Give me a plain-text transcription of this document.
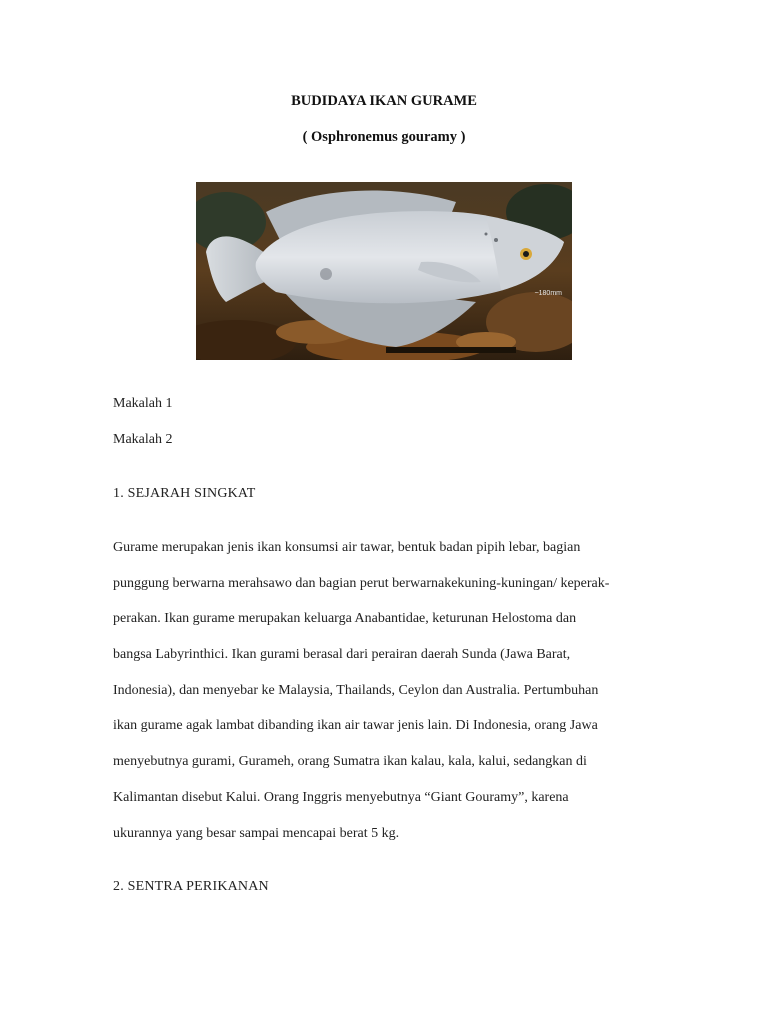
BUDIDAYA IKAN GURAME
( Osphronemus gouramy )
~180mm
Makalah 1
Makalah 2
1. SEJARAH SINGKAT
Gurame merupakan jenis ikan konsumsi air tawar, bentuk badan pipih lebar, bagian
punggung berwarna merahsawo dan bagian perut berwarnakekuning-kuningan/ keperak-
perakan. Ikan gurame merupakan keluarga Anabantidae, keturunan Helostoma dan
bangsa Labyrinthici. Ikan gurami berasal dari perairan daerah Sunda (Jawa Barat,
Indonesia), dan menyebar ke Malaysia, Thailands, Ceylon dan Australia. Pertumbuhan
ikan gurame agak lambat dibanding ikan air tawar jenis lain. Di Indonesia, orang Jawa
menyebutnya gurami, Gurameh, orang Sumatra ikan kalau, kala, kalui, sedangkan di
Kalimantan disebut Kalui. Orang Inggris menyebutnya “Giant Gouramy”, karena
ukurannya yang besar sampai mencapai berat 5 kg.
2. SENTRA PERIKANAN
